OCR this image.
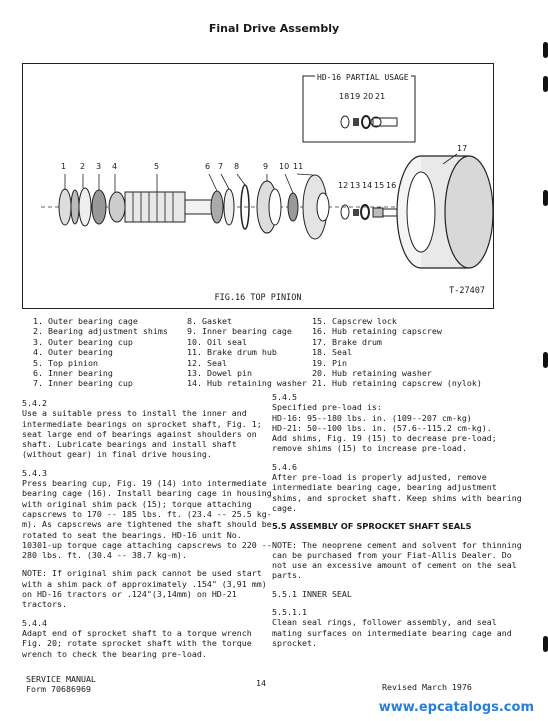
Final Drive Assembly
HD-16 PARTIAL USAGE
18 19 20 21
1 2 3 4	5	6 7 8	9 10 11
12 13 14 15 16
17
T-27407
FIG.16 TOP PINION
1. Outer bearing cage
2. Bearing adjustment shims
3. Outer bearing cup
4. Outer bearing
5. Top pinion
6. Inner bearing
7. Inner bearing cup
8. Gasket
9. Inner bearing cage
10. Oil seal
11. Brake drum hub
12. Seal
13. Dowel pin
14. Hub retaining washer
15. Capscrew lock
16. Hub retaining capscrew
17. Brake drum
18. Seal
19. Pin
20. Hub retaining washer
21. Hub retaining capscrew (nylok)

5.4.2
Use a suitable press to install the inner and intermediate bearings on sprocket shaft, Fig. 1; seat large end of bearings against shoulders on shaft. Lubricate bearings and install shaft (without gear) in final drive housing.

5.4.3
Press bearing cup, Fig. 19 (14) into intermediate bearing cage (16). Install bearing cage in housing with original shim pack (15); torque attaching capscrews to 170 -- 185 lbs. ft. (23.4 -- 25.5 kg-m). As capscrews are tightened the shaft should be rotated to seat the bearings. HD-16 unit No. 10301-up torque cage attaching capscrews to 220 -- 280 lbs. ft. (30.4 -- 38.7 kg-m).

NOTE: If original shim pack cannot be used start with a shim pack of approximately .154" (3,91 mm) on HD-16 tractors or .124"(3,14mm) on HD-21 tractors.

5.4.4
Adapt end of sprocket shaft to a torque wrench Fig. 20; rotate sprocket shaft with the torque wrench to check the bearing pre-load.

5.4.5
Specified pre-load is:
HD-16: 95--180 lbs. in. (109--207 cm-kg)
HD-21: 50--100 lbs. in. (57.6--115.2 cm-kg).
Add shims, Fig. 19 (15) to decrease pre-load; remove shims (15) to increase pre-load.

5.4.6
After pre-load is properly adjusted, remove intermediate bearing cage, bearing adjustment shims, and sprocket shaft. Keep shims with bearing cage.

5.5 ASSEMBLY OF SPROCKET SHAFT SEALS

NOTE: The neoprene cement and solvent for thinning can be purchased from your Fiat-Allis Dealer. Do not use an excessive amount of cement on the seal parts.

5.5.1 INNER SEAL

5.5.1.1
Clean seal rings, follower assembly, and seal mating surfaces on intermediate bearing cage and sprocket.

SERVICE MANUAL
Form 70686969
14	Revised March 1976
www.epcatalogs.com
